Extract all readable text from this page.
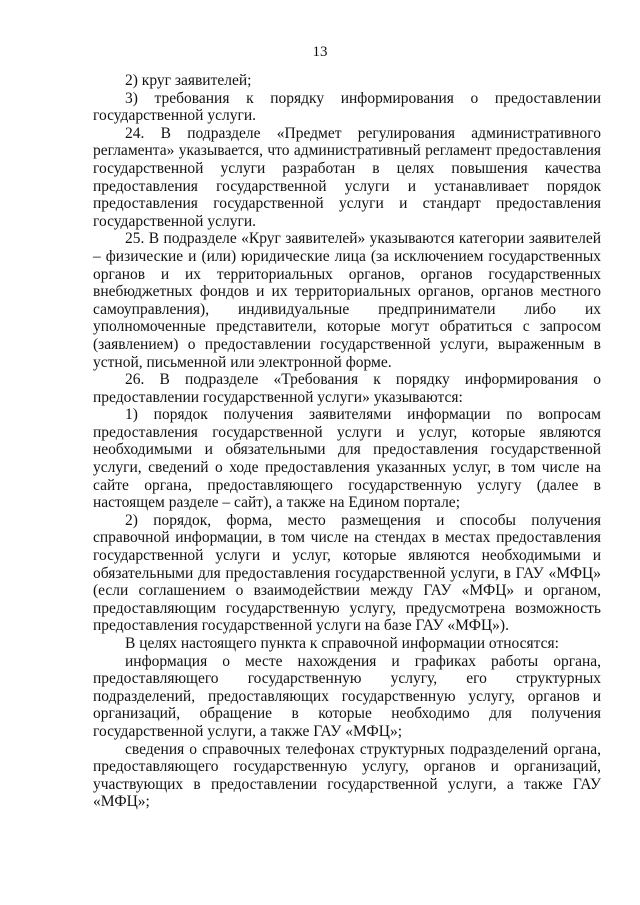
13

2) круг заявителей;

3) требования к порядку информирования о предоставлении государственной услуги.

24. В подразделе «Предмет регулирования административного регламента» указывается, что административный регламент предоставления государственной услуги разработан в целях повышения качества предоставления государственной услуги и устанавливает порядок предоставления государственной услуги и стандарт предоставления государственной услуги.

25. В подразделе «Круг заявителей» указываются категории заявителей – физические и (или) юридические лица (за исключением государственных органов и их территориальных органов, органов государственных внебюджетных фондов и их территориальных органов, органов местного самоуправления), индивидуальные предприниматели либо их уполномоченные представители, которые могут обратиться с запросом (заявлением) о предоставлении государственной услуги, выраженным в устной, письменной или электронной форме.

26. В подразделе «Требования к порядку информирования о предоставлении государственной услуги» указываются:

1) порядок получения заявителями информации по вопросам предоставления государственной услуги и услуг, которые являются необходимыми и обязательными для предоставления государственной услуги, сведений о ходе предоставления указанных услуг, в том числе на сайте органа, предоставляющего государственную услугу (далее в настоящем разделе – сайт), а также на Едином портале;

2) порядок, форма, место размещения и способы получения справочной информации, в том числе на стендах в местах предоставления государственной услуги и услуг, которые являются необходимыми и обязательными для предоставления государственной услуги, в ГАУ «МФЦ» (если соглашением о взаимодействии между ГАУ «МФЦ» и органом, предоставляющим государственную услугу, предусмотрена возможность предоставления государственной услуги на базе ГАУ «МФЦ»).

В целях настоящего пункта к справочной информации относятся:

информация о месте нахождения и графиках работы органа, предоставляющего государственную услугу, его структурных подразделений, предоставляющих государственную услугу, органов и организаций, обращение в которые необходимо для получения государственной услуги, а также ГАУ «МФЦ»;

сведения о справочных телефонах структурных подразделений органа, предоставляющего государственную услугу, органов и организаций, участвующих в предоставлении государственной услуги, а также ГАУ «МФЦ»;
